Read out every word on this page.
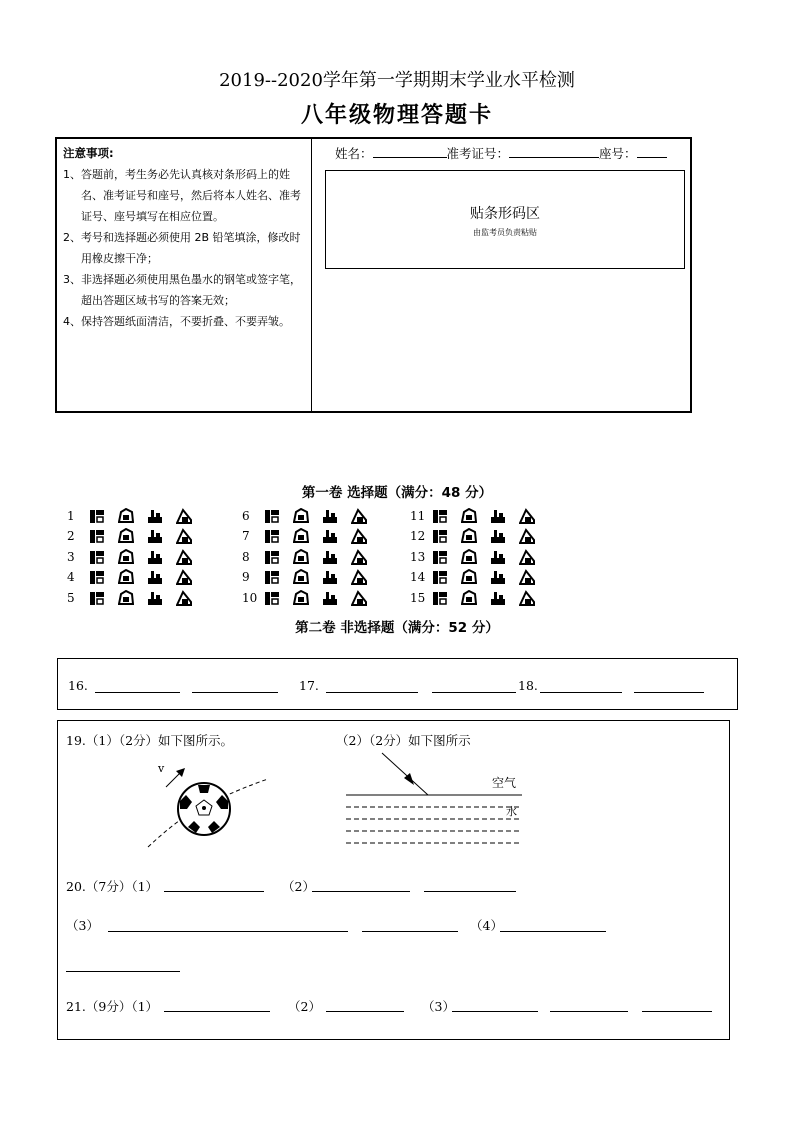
2019--2020学年第一学期期末学业水平检测
八年级物理答题卡
注意事项:
1、 答题前，考生务必先认真核对条形码上的姓名、准考证号和座号，然后将本人姓名、准考证号、座号填写在相应位置。
2、 考号和选择题必须使用 2B 铅笔填涂，修改时用橡皮擦干净；
3、 非选择题必须使用黑色墨水的钢笔或签字笔，超出答题区域书写的答案无效；
4、 保持答题纸面清洁，不要折叠、不要弄皱。
姓名：	准考证号：	座号：
贴条形码区
由监考员负责粘贴
第一卷 选择题（满分：48 分）
1
2
3
4
5
6
7
8
9
10
11
12
13
14
15
第二卷 非选择题（满分：52 分）
16.	17.	18.
19.（1）（2分）如下图所示。	（2）（2分）如下图所示
v
空气
水
20.（7分）（1）	（2）
（3）	（4）
21.（9分）（1）	（2）	（3）
